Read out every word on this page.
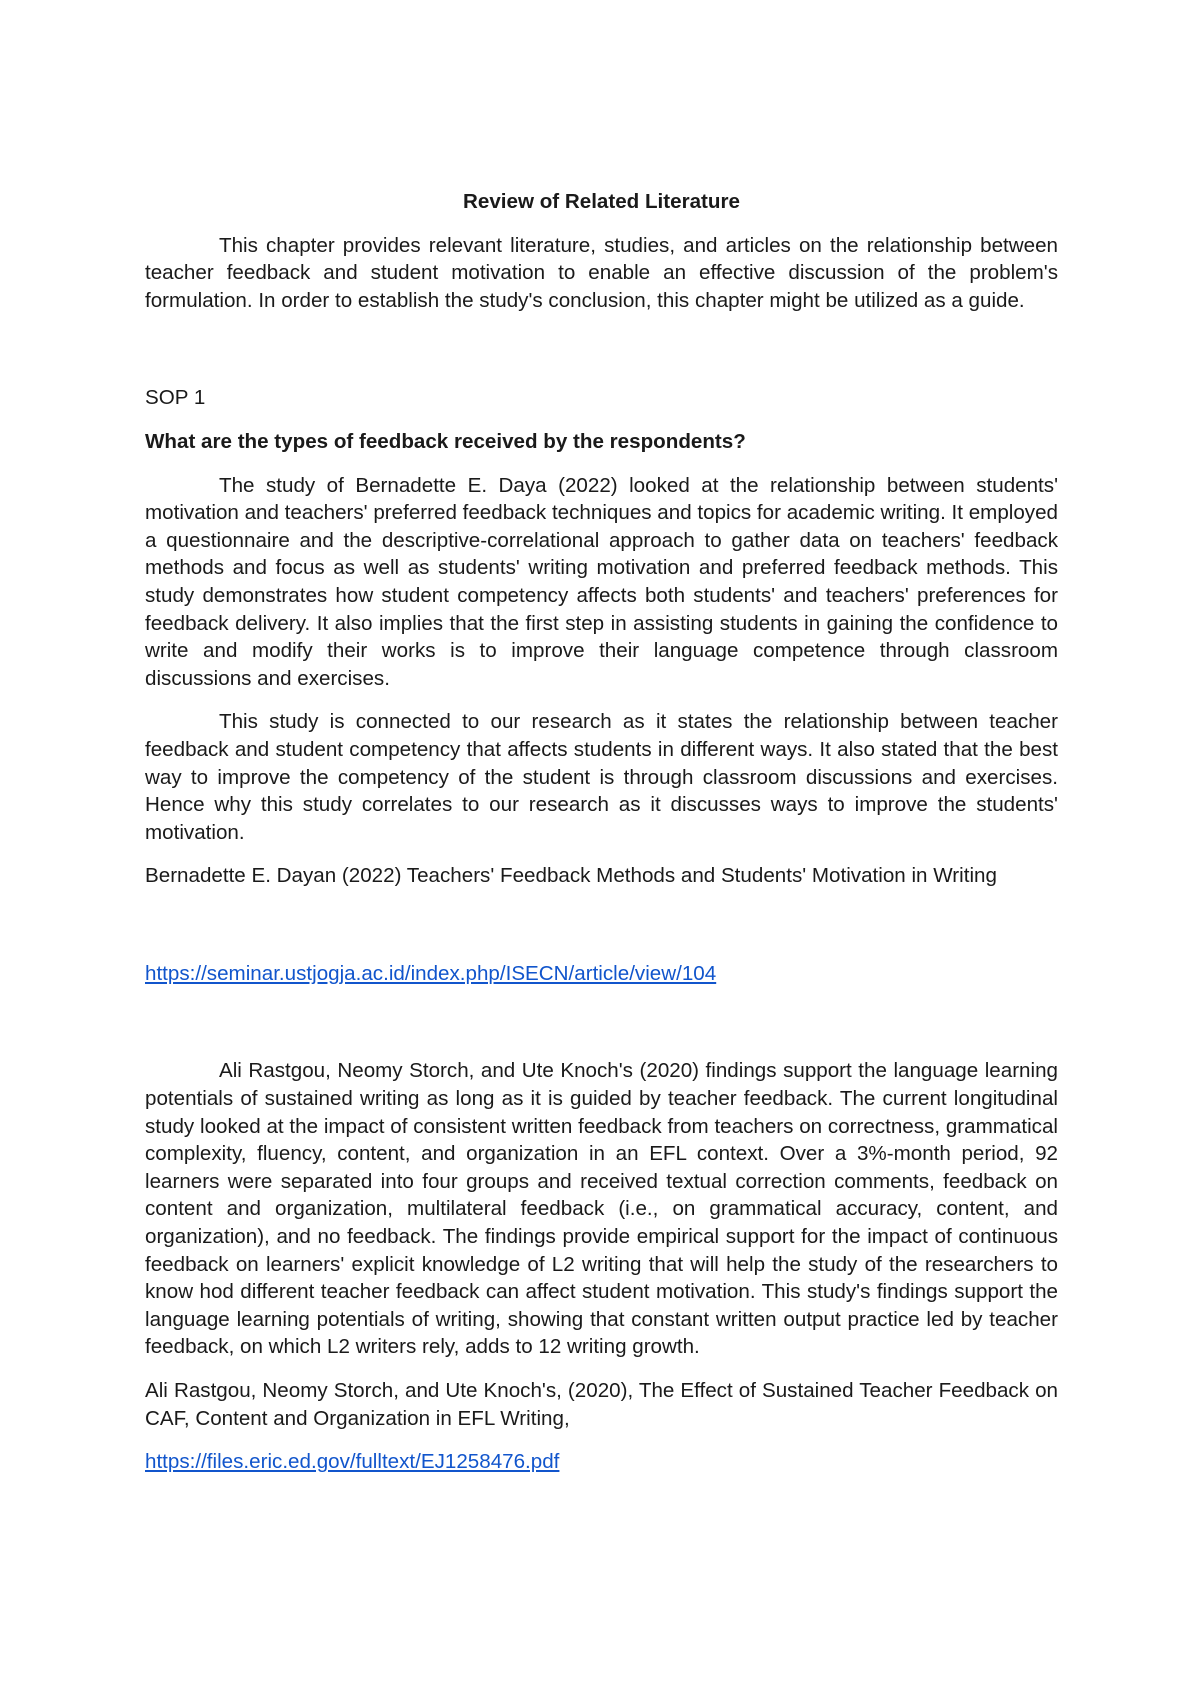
Review of Related Literature

This chapter provides relevant literature, studies, and articles on the relationship between teacher feedback and student motivation to enable an effective discussion of the problem's formulation. In order to establish the study's conclusion, this chapter might be utilized as a guide.

SOP 1

What are the types of feedback received by the respondents?

The study of Bernadette E. Daya (2022) looked at the relationship between students' motivation and teachers' preferred feedback techniques and topics for academic writing. It employed a questionnaire and the descriptive-correlational approach to gather data on teachers' feedback methods and focus as well as students' writing motivation and preferred feedback methods. This study demonstrates how student competency affects both students' and teachers' preferences for feedback delivery. It also implies that the first step in assisting students in gaining the confidence to write and modify their works is to improve their language competence through classroom discussions and exercises.

This study is connected to our research as it states the relationship between teacher feedback and student competency that affects students in different ways. It also stated that the best way to improve the competency of the student is through classroom discussions and exercises. Hence why this study correlates to our research as it discusses ways to improve the students' motivation.

Bernadette E. Dayan (2022) Teachers' Feedback Methods and Students' Motivation in Writing

https://seminar.ustjogja.ac.id/index.php/ISECN/article/view/104

Ali Rastgou, Neomy Storch, and Ute Knoch's (2020) findings support the language learning potentials of sustained writing as long as it is guided by teacher feedback. The current longitudinal study looked at the impact of consistent written feedback from teachers on correctness, grammatical complexity, fluency, content, and organization in an EFL context. Over a 3%-month period, 92 learners were separated into four groups and received textual correction comments, feedback on content and organization, multilateral feedback (i.e., on grammatical accuracy, content, and organization), and no feedback. The findings provide empirical support for the impact of continuous feedback on learners' explicit knowledge of L2 writing that will help the study of the researchers to know hod different teacher feedback can affect student motivation. This study's findings support the language learning potentials of writing, showing that constant written output practice led by teacher feedback, on which L2 writers rely, adds to 12 writing growth.

Ali Rastgou, Neomy Storch, and Ute Knoch's, (2020), The Effect of Sustained Teacher Feedback on CAF, Content and Organization in EFL Writing,

https://files.eric.ed.gov/fulltext/EJ1258476.pdf
